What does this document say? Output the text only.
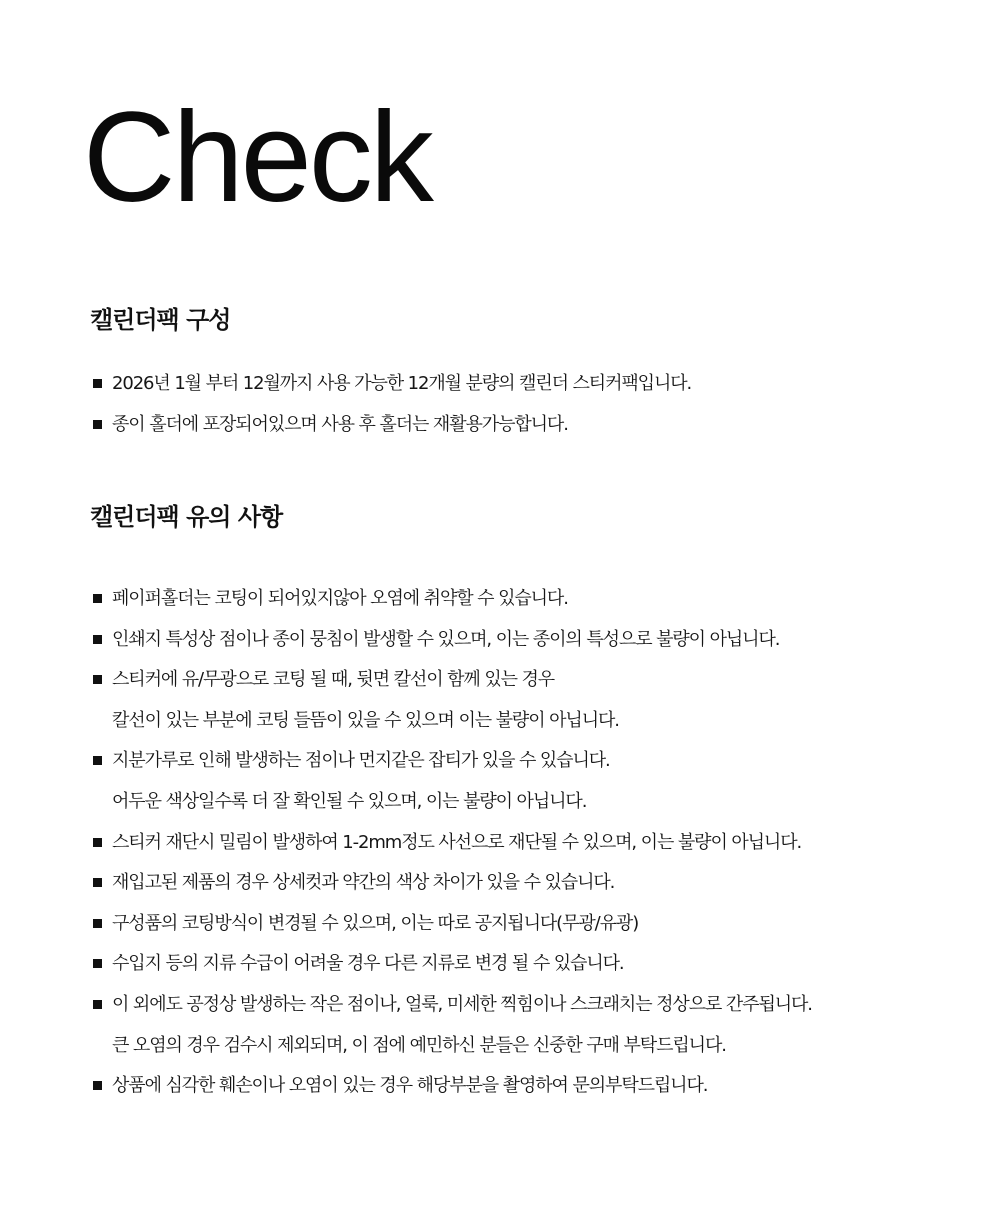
Check
캘린더팩 구성
2026년 1월 부터 12월까지 사용 가능한 12개월 분량의 캘린더 스티커팩입니다.
종이 홀더에 포장되어있으며 사용 후 홀더는 재활용가능합니다.
캘린더팩 유의 사항
페이퍼홀더는 코팅이 되어있지않아 오염에 취약할 수 있습니다.
인쇄지 특성상 점이나 종이 뭉침이 발생할 수 있으며, 이는 종이의 특성으로 불량이 아닙니다.
스티커에 유/무광으로 코팅 될 때, 뒷면 칼선이 함께 있는 경우
칼선이 있는 부분에 코팅 들뜸이 있을 수 있으며 이는 불량이 아닙니다.
지분가루로 인해 발생하는 점이나 먼지같은 잡티가 있을 수 있습니다.
어두운 색상일수록 더 잘 확인될 수 있으며, 이는 불량이 아닙니다.
스티커 재단시 밀림이 발생하여 1-2mm정도 사선으로 재단될 수 있으며, 이는 불량이 아닙니다.
재입고된 제품의 경우 상세컷과 약간의 색상 차이가 있을 수 있습니다.
구성품의 코팅방식이 변경될 수 있으며, 이는 따로 공지됩니다(무광/유광)
수입지 등의 지류 수급이 어려울 경우 다른 지류로 변경 될 수 있습니다.
이 외에도 공정상 발생하는 작은 점이나, 얼룩, 미세한 찍힘이나 스크래치는 정상으로 간주됩니다.
큰 오염의 경우 검수시 제외되며, 이 점에 예민하신 분들은 신중한 구매 부탁드립니다.
상품에 심각한 훼손이나 오염이 있는 경우 해당부분을 촬영하여 문의부탁드립니다.
